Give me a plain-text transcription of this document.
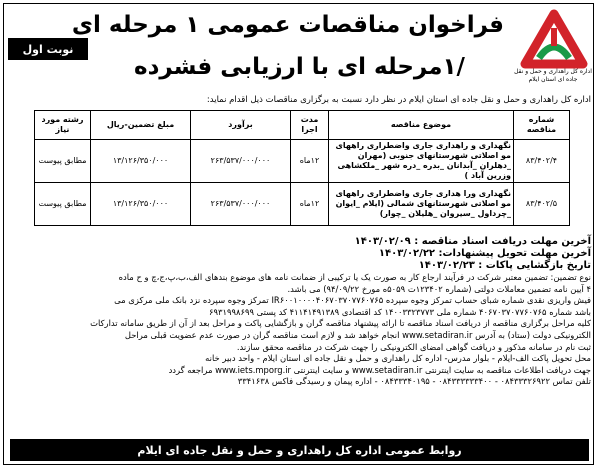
اداره کل راهداری و حمل و نقل جاده ای استان ایلام
فراخوان مناقصات عمومی ۱ مرحله ای
/۱مرحله ای با ارزیابی فشرده
نوبت اول
اداره کل راهداری و حمل و نقل جاده ای استان ایلام در نظر دارد نسبت به برگزاری مناقصات ذیل اقدام نماید:
شماره مناقصه	موضوع مناقصه	مدت اجرا	برآورد	مبلغ تضمین-ریال	رشته مورد نیاز
۸۳/۴۰۲/۴	نگهداری و راهداری جاری واضطراری راههای مو اصلاتی شهرستانهای جنوبی (مهران _دهلران _آبدانان _بدره _دره شهر _ملکشاهی وزرین آباد )	۱۲ماه	۲۶۳/۵۳۷/۰۰۰/۰۰۰	۱۳/۱۲۶/۳۵۰/۰۰۰	مطابق پیوست
۸۳/۴۰۲/۵	نگهداری ورا هداری جاری واضطراری راههای مو اصلاتی شهرستانهای شمالی (ایلام _ایوان _چرداول _سیروان _هلیلان _چوار)	۱۲ماه	۲۶۳/۵۳۷/۰۰۰/۰۰۰	۱۳/۱۲۶/۳۵۰/۰۰۰	مطابق پیوست
آخرین مهلت دریافت اسناد مناقصه : ۱۴۰۳/۰۲/۰۹
آخرین مهلت تحویل پیشنهادات: ۱۴۰۳/۰۲/۲۲
تاریخ بازگشایی پاکات : ۱۴۰۳/۰۲/۲۳

نوع تضمین: تضمین معتبر شرکت در فرآیند ارجاع کار به صورت یک یا ترکیبی از ضمانت نامه های موضوع بندهای الف،ب،پ،ج،چ و ح ماده

۴ آیین نامه تضمین معاملات دولتی (شماره ۱۲۳۴۰۲ت ۵۰۵۹ه مورخ ۹۴/۰۹/۲۲) می باشد.

فیش واریزی نقدی شماره شبای حساب تمرکز وجوه سپرده IR۶۰۰۱۰۰۰۰۴۰۶۷۰۳۷۰۷۷۶۰۷۶۵ تمرکز وجوه سپرده نزد بانک ملی مرکزی می

باشد شماره ۴۰۶۷۰۳۷۰۷۷۶۰۷۶۵ شماره ملی ۱۴۰۰۳۳۲۳۷۷۳ کد اقتصادی ۴۱۱۴۱۴۹۱۳۸۹ کد پستی ۶۹۳۱۹۹۸۶۹۹

کلیه مراحل برگزاری مناقصه از دریافت اسناد مناقصه تا ارائه پیشنهاد مناقصه گران و بازگشایی پاکت و مراحل بعد از آن از طریق سامانه تدارکات

الکترونیکی دولت (ستاد) به آدرس www.setadiran.ir انجام خواهد شد و لازم است مناقصه گران در صورت عدم عضویت قبلی مراحل

ثبت نام در سامانه مذکور و دریافت گواهی امضای الکترونیکی را جهت شرکت در مناقصه محقق سازند.

محل تحویل پاکت الف-ایلام - بلوار مدرس- اداره کل راهداری و حمل و نقل جاده ای استان ایلام - واحد دبیر خانه

جهت دریافت اطلاعات مناقصه به سایت اینترنتی www.setadiran.ir و سایت اینترنتی www.iets.mporg.ir مراجعه گردد

تلفن تماس ۰۸۴۳۳۳۲۶۹۲۲ - ۰۸۴۳۳۳۳۳۳۴۰۰ - ۰۸۴۳۳۳۴۰۱۹۵ - اداره پیمان و رسیدگی فاکس ۳۳۴۱۶۳۸

روابط عمومی اداره کل راهداری و حمل و نقل جاده ای ایلام
